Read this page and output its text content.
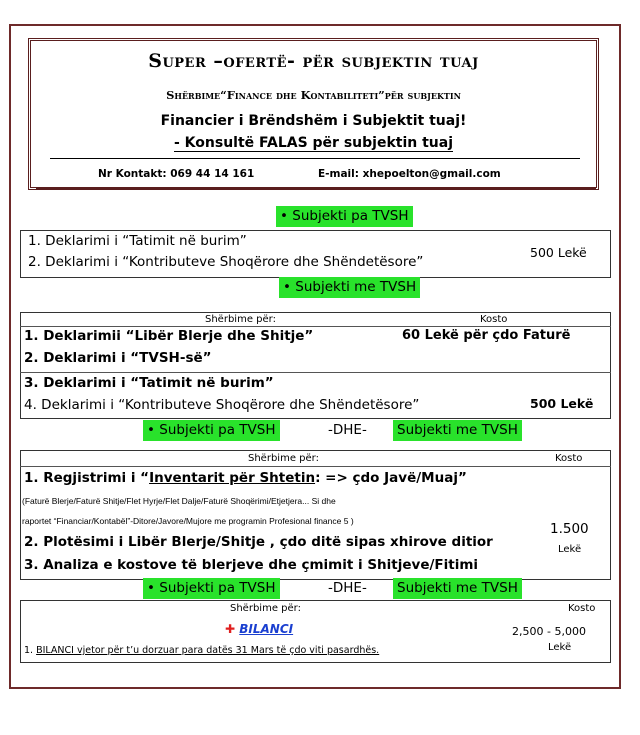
Super –ofertë- për subjektin tuaj
Shërbime“Finance dhe Kontabiliteti”për subjektin
Financier i Brëndshëm i Subjektit tuaj!
- Konsultë FALAS për subjektin tuaj
Nr Kontakt: 069 44 14 161	E-mail: xhepoelton@gmail.com
• Subjekti pa TVSH
1. Deklarimi i “Tatimit në burim”
2. Deklarimi i “Kontributeve Shoqërore dhe Shëndetësore”
500 Lekë
• Subjekti me TVSH
Shërbime për:	Kosto
1. Deklarimii “Libër Blerje dhe Shitje”
2. Deklarimi i “TVSH-së”
60 Lekë për çdo Faturë
3. Deklarimi i “Tatimit në burim”
4. Deklarimi i “Kontributeve Shoqërore dhe Shëndetësore”	500 Lekë
• Subjekti pa TVSH	-DHE- Subjekti me TVSH
Shërbime për:	Kosto
1. Regjistrimi i “Inventarit për Shtetin: => çdo Javë/Muaj”
(Faturë Blerje/Faturë Shitje/Flet Hyrje/Flet Dalje/Faturë Shoqërimi/Etjetjera... Si dhe
raportet “Financiar/Kontabël”-Ditore/Javore/Mujore me programin Profesional finance 5 )
2. Plotësimi i Libër Blerje/Shitje , çdo ditë sipas xhirove ditior
3. Analiza e kostove të blerjeve dhe çmimit i Shitjeve/Fitimi
1.500
Lekë
• Subjekti pa TVSH	-DHE- Subjekti me TVSH
Shërbime për:	Kosto
✚ BILANCI
1. BILANCI vjetor për t’u dorzuar para datës 31 Mars të çdo viti pasardhës.
2,500 - 5,000
Lekë
